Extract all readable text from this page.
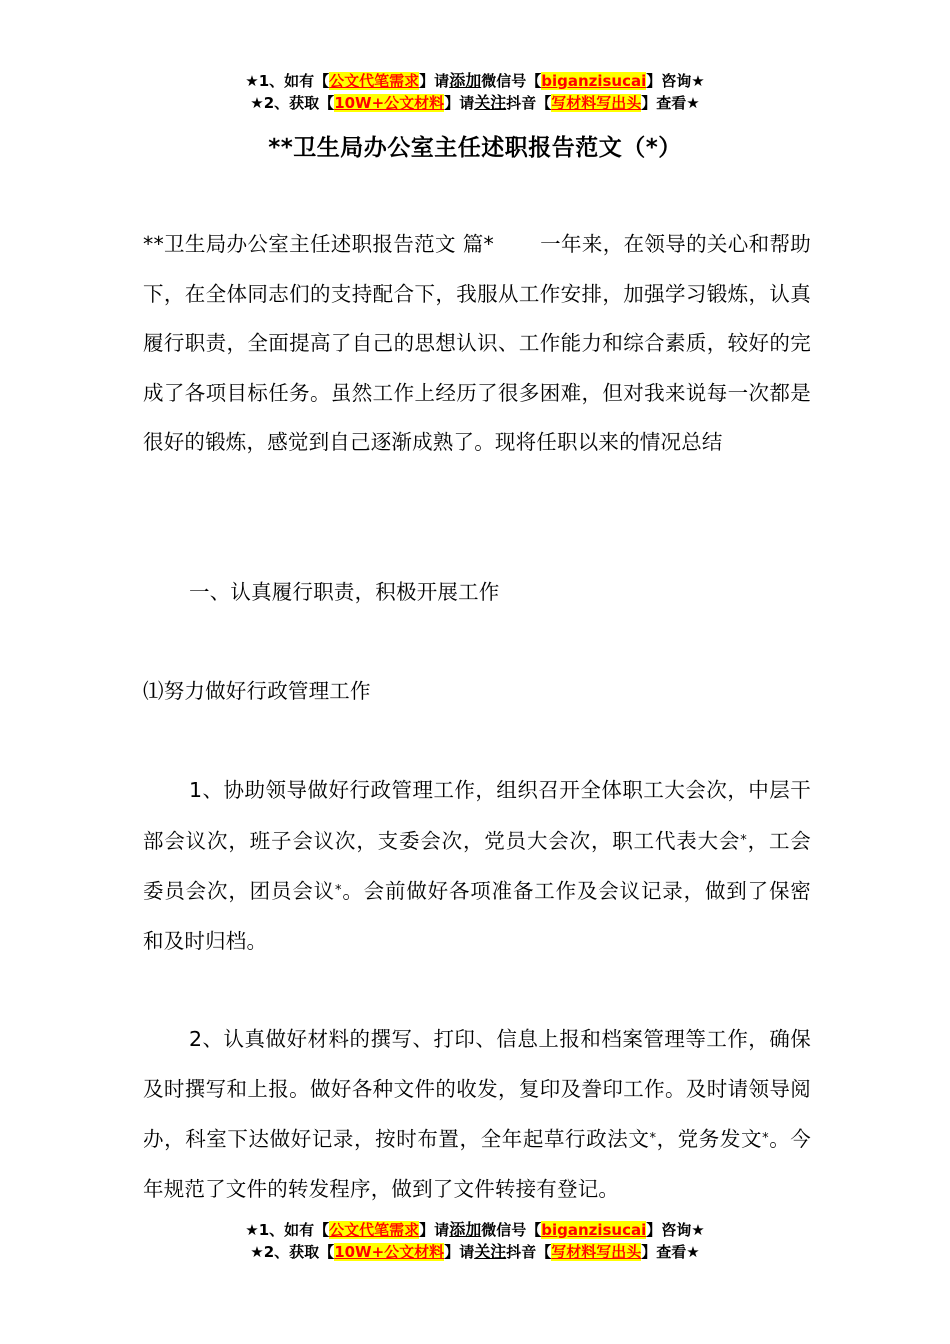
★1、如有【公文代笔需求】请添加微信号【biganzisucai】咨询★
★2、获取【10W+公文材料】请关注抖音【写材料写出头】查看★
**卫生局办公室主任述职报告范文（*）

**卫生局办公室主任述职报告范文 篇* 一年来，在领导的关心和帮助下，在全体同志们的支持配合下，我服从工作安排，加强学习锻炼，认真履行职责，全面提高了自己的思想认识、工作能力和综合素质，较好的完成了各项目标任务。虽然工作上经历了很多困难，但对我来说每一次都是很好的锻炼，感觉到自己逐渐成熟了。现将任职以来的情况总结

一、认真履行职责，积极开展工作
⑴努力做好行政管理工作

1、协助领导做好行政管理工作，组织召开全体职工大会次，中层干部会议次，班子会议次，支委会次，党员大会次，职工代表大会*，工会委员会次，团员会议*。会前做好各项准备工作及会议记录，做到了保密和及时归档。

2、认真做好材料的撰写、打印、信息上报和档案管理等工作，确保及时撰写和上报。做好各种文件的收发，复印及誊印工作。及时请领导阅办，科室下达做好记录，按时布置，全年起草行政法文*，党务发文*。今年规范了文件的转发程序，做到了文件转接有登记。

★1、如有【公文代笔需求】请添加微信号【biganzisucai】咨询★
★2、获取【10W+公文材料】请关注抖音【写材料写出头】查看★
